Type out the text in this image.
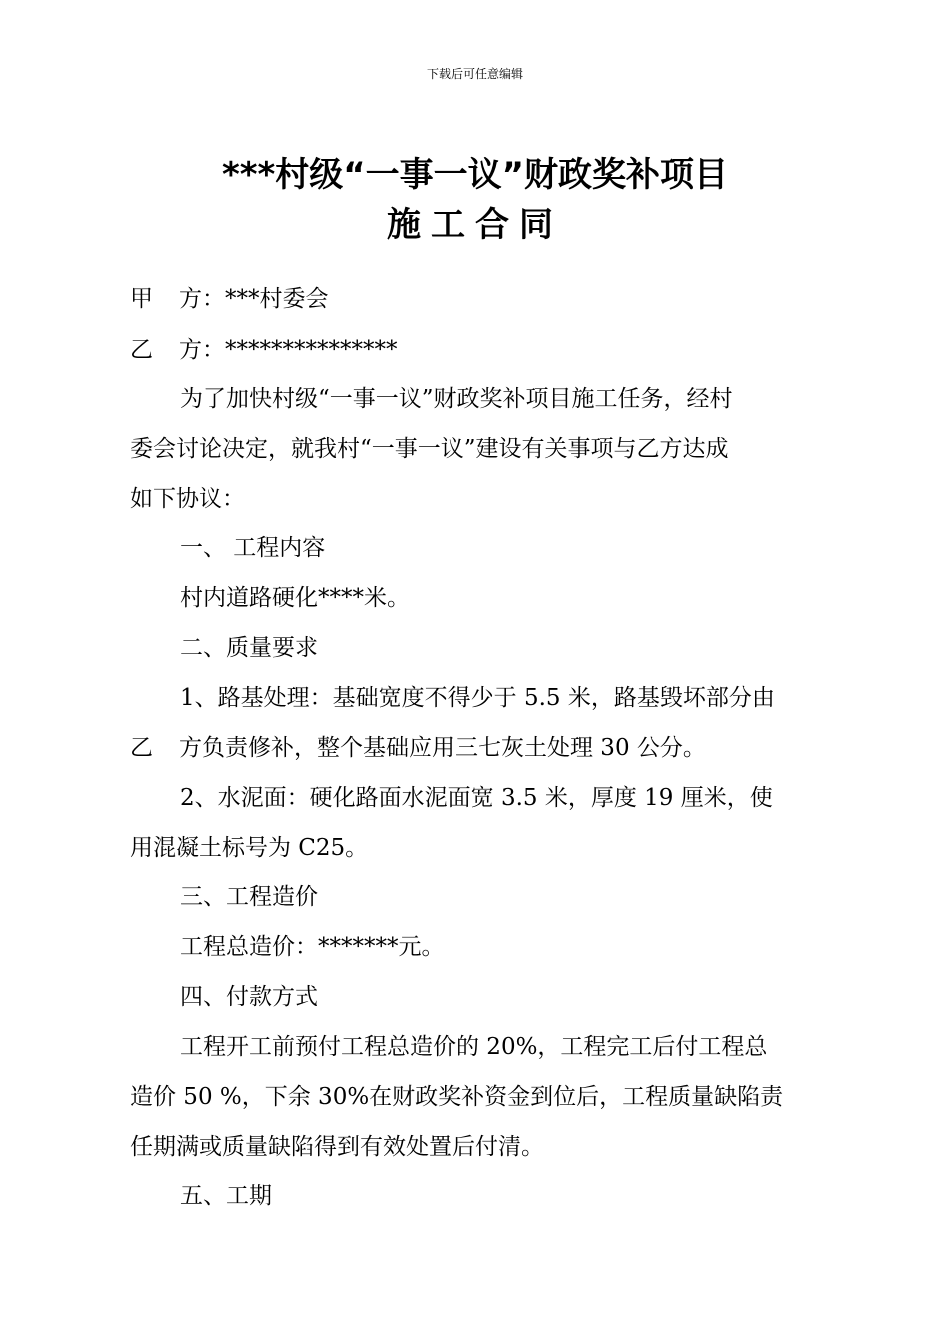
下载后可任意编辑
***村级“一事一议”财政奖补项目
施工合同
甲 方：***村委会
乙 方：***************
为了加快村级“一事一议”财政奖补项目施工任务，经村
委会讨论决定，就我村“一事一议”建设有关事项与乙方达成
如下协议：
一、 工程内容
村内道路硬化****米。
二、质量要求
1、路基处理：基础宽度不得少于 5.5 米，路基毁坏部分由
乙 方负责修补，整个基础应用三七灰土处理 30 公分。
2、水泥面：硬化路面水泥面宽 3.5 米，厚度 19 厘米，使
用混凝土标号为 C25。
三、工程造价
工程总造价：*******元。
四、付款方式
工程开工前预付工程总造价的 20%，工程完工后付工程总
造价 50 %，下余 30%在财政奖补资金到位后，工程质量缺陷责
任期满或质量缺陷得到有效处置后付清。
五、工期
